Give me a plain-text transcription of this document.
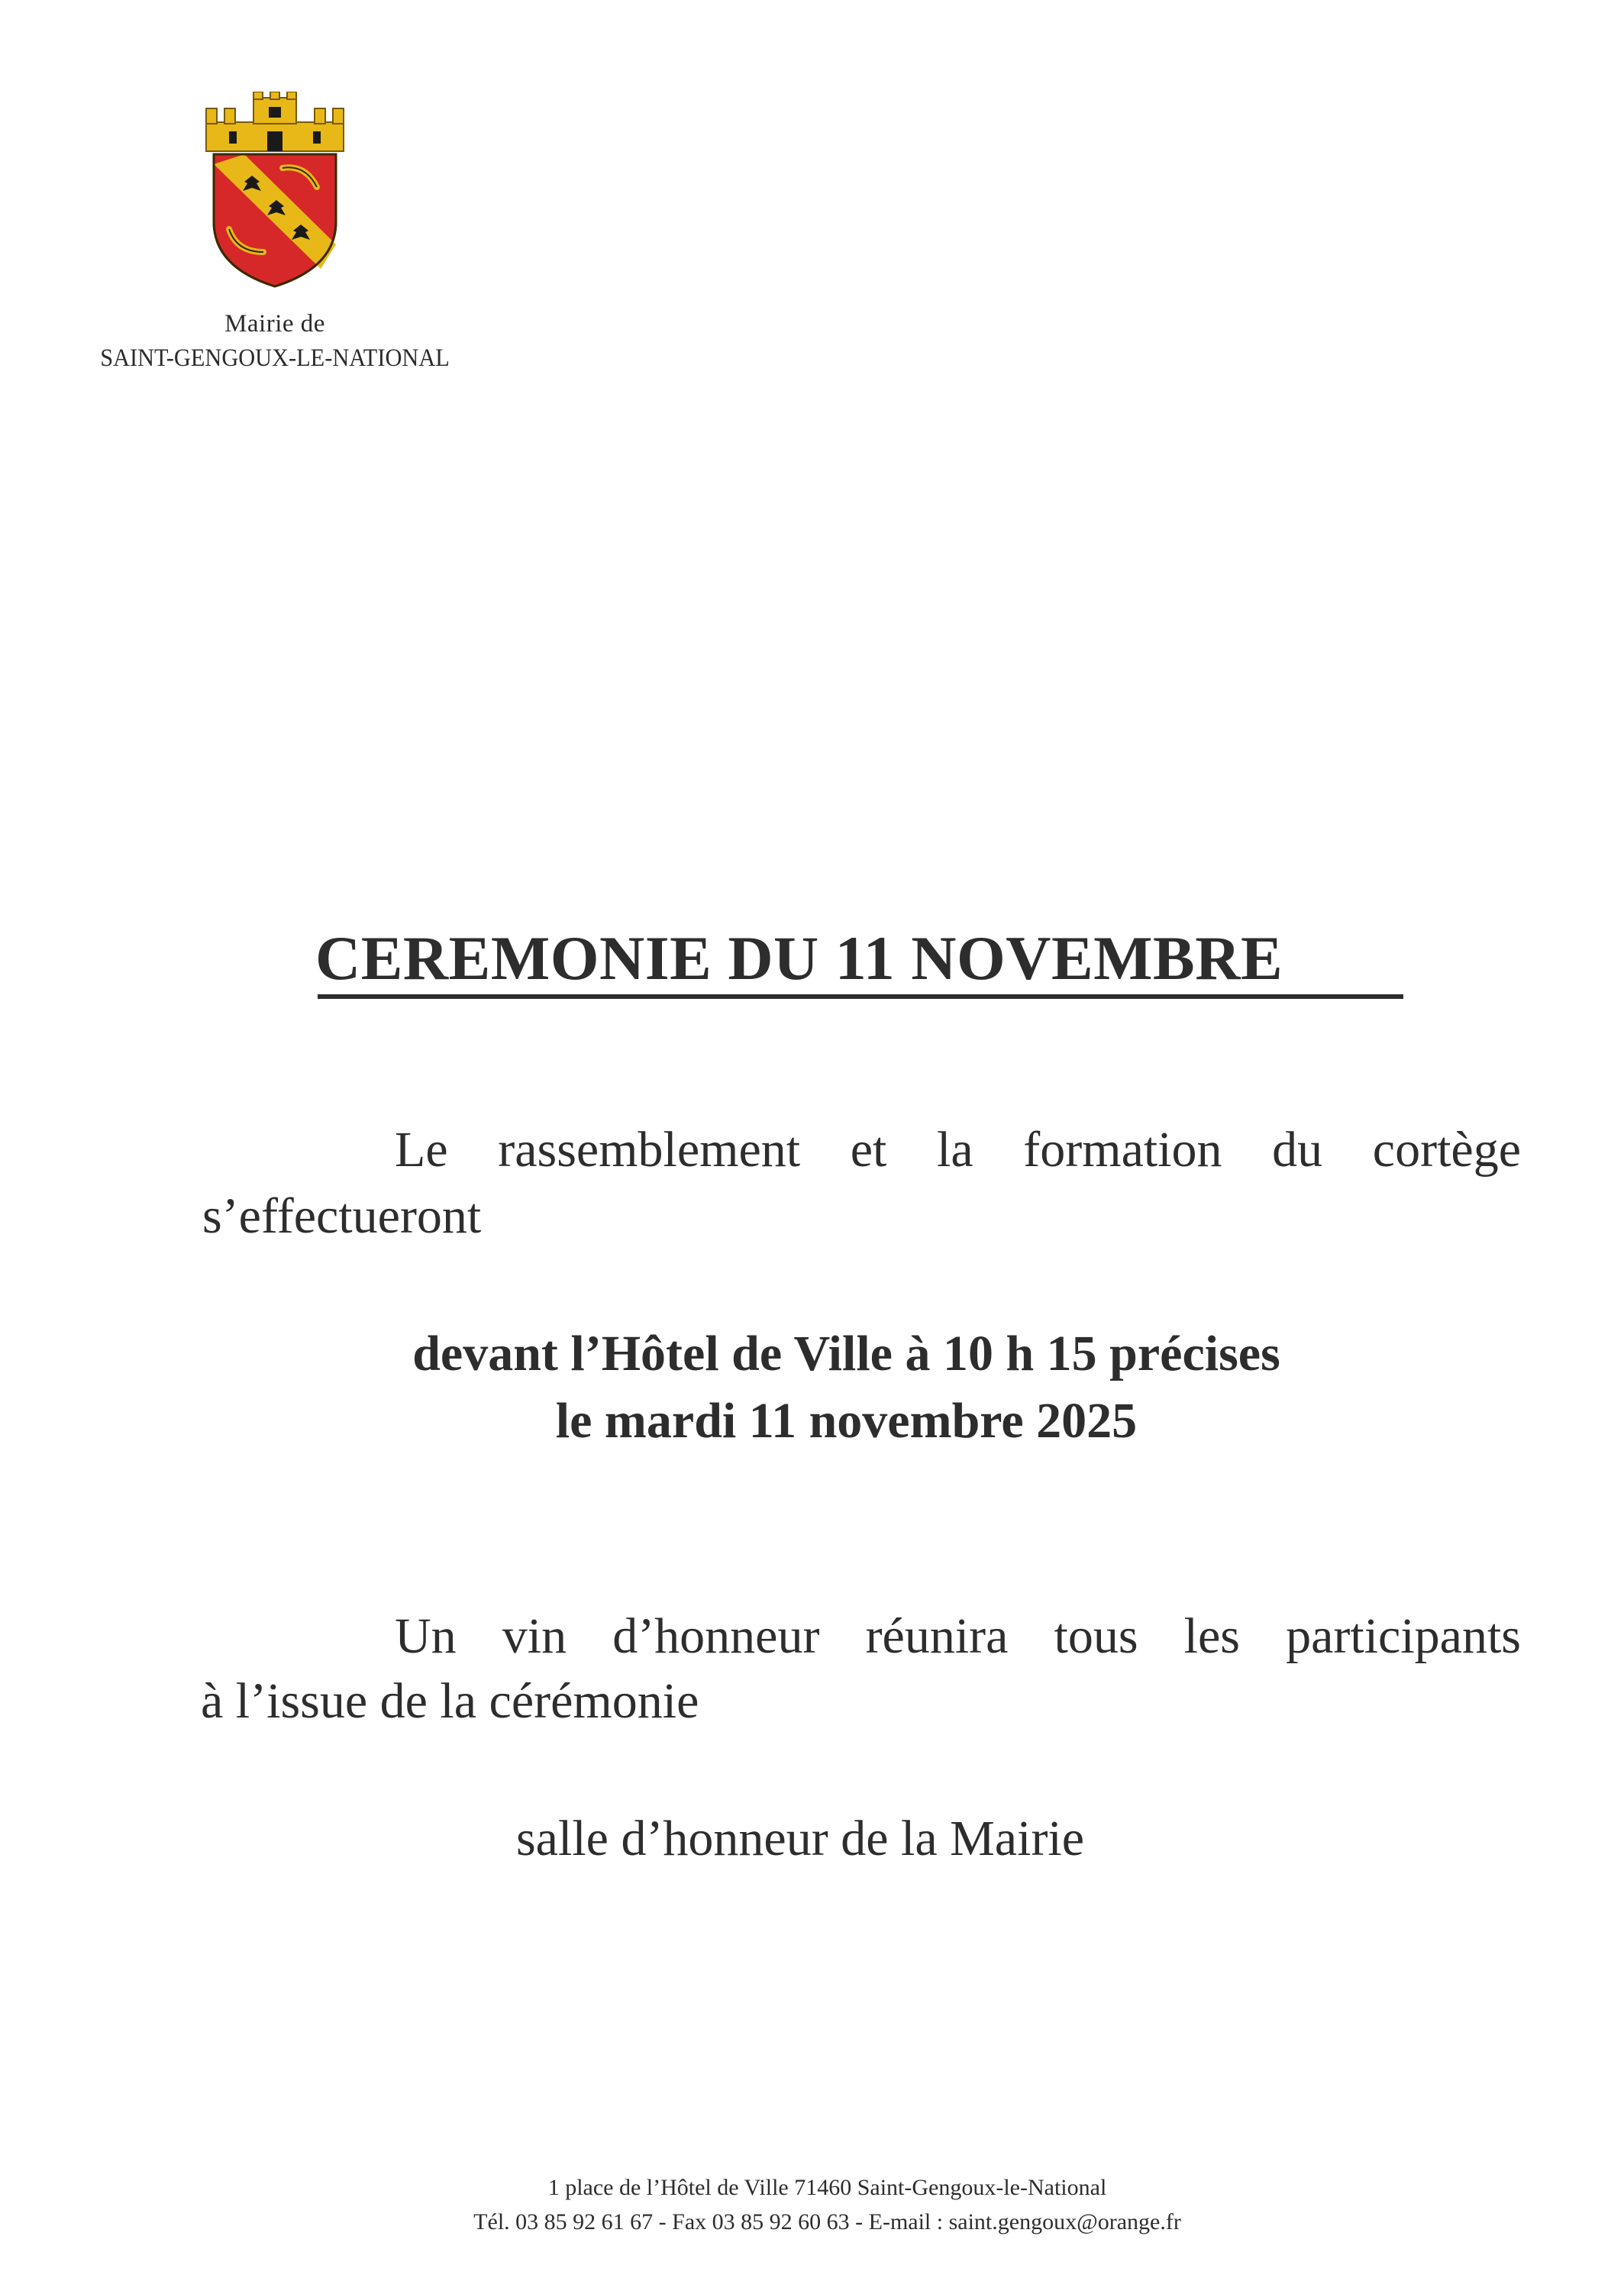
Mairie de
SAINT-GENGOUX-LE-NATIONAL
CEREMONIE DU 11 NOVEMBRE
Le rassemblement et la formation du cortège
s’effectueront
devant l’Hôtel de Ville à 10 h 15 précises
le mardi 11 novembre 2025
Un vin d’honneur réunira tous les participants
à l’issue de la cérémonie
salle d’honneur de la Mairie
1 place de l’Hôtel de Ville 71460 Saint-Gengoux-le-National
Tél. 03 85 92 61 67 - Fax 03 85 92 60 63 - E-mail : saint.gengoux@orange.fr
